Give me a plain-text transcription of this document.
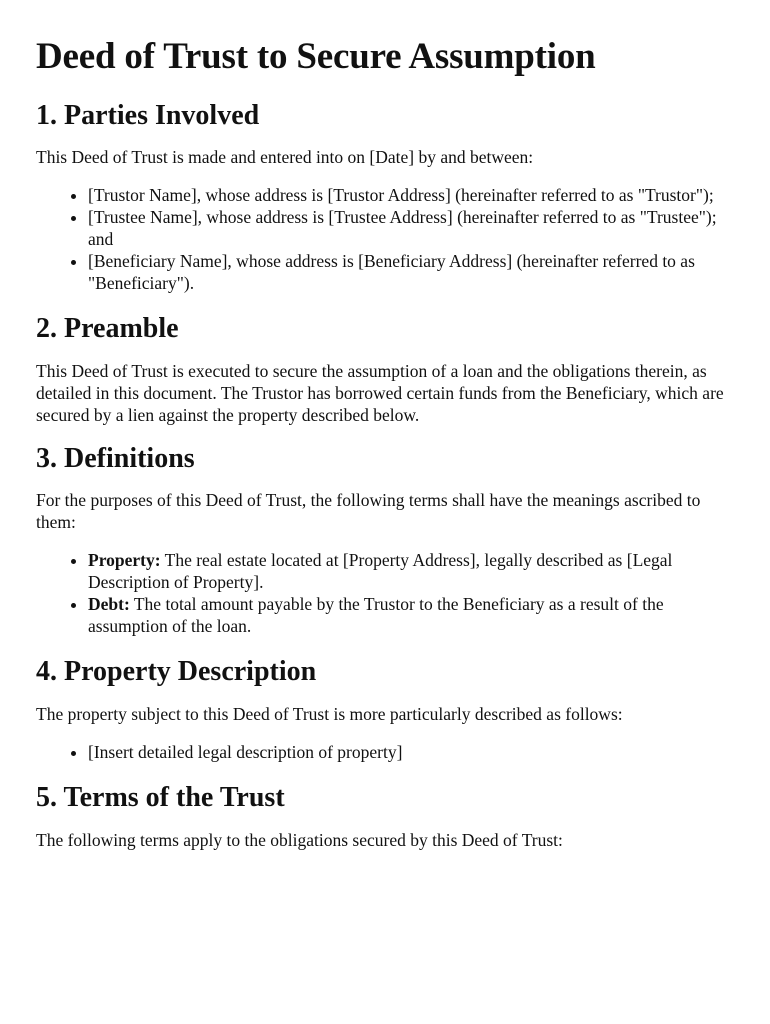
Deed of Trust to Secure Assumption
1. Parties Involved

This Deed of Trust is made and entered into on [Date] by and between:

• [Trustor Name], whose address is [Trustor Address] (hereinafter referred to as "Trustor");
• [Trustee Name], whose address is [Trustee Address] (hereinafter referred to as "Trustee"); and
• [Beneficiary Name], whose address is [Beneficiary Address] (hereinafter referred to as "Beneficiary").
2. Preamble

This Deed of Trust is executed to secure the assumption of a loan and the obligations therein, as detailed in this document. The Trustor has borrowed certain funds from the Beneficiary, which are secured by a lien against the property described below.

3. Definitions

For the purposes of this Deed of Trust, the following terms shall have the meanings ascribed to them:

• Property: The real estate located at [Property Address], legally described as [Legal Description of Property].
• Debt: The total amount payable by the Trustor to the Beneficiary as a result of the assumption of the loan.
4. Property Description

The property subject to this Deed of Trust is more particularly described as follows:

• [Insert detailed legal description of property]
5. Terms of the Trust

The following terms apply to the obligations secured by this Deed of Trust:
